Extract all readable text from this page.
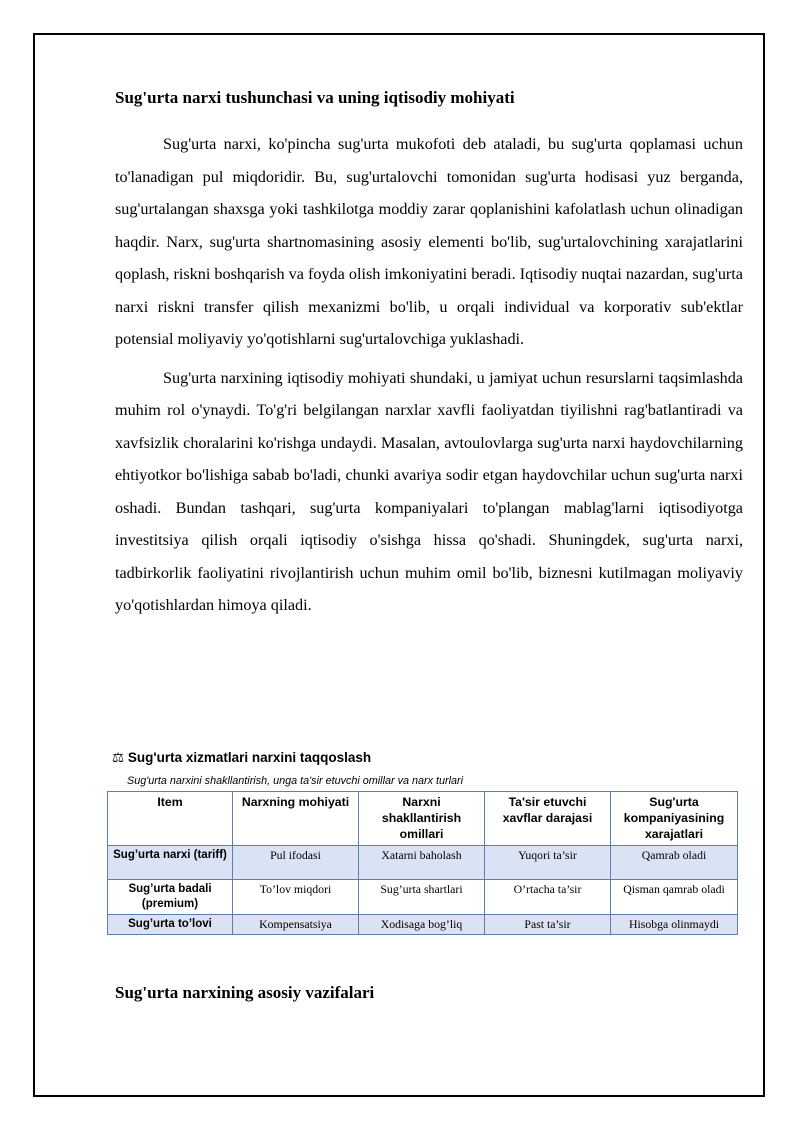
Sug'urta narxi tushunchasi va uning iqtisodiy mohiyati

Sug'urta narxi, ko'pincha sug'urta mukofoti deb ataladi, bu sug'urta qoplamasi uchun to'lanadigan pul miqdoridir. Bu, sug'urtalovchi tomonidan sug'urta hodisasi yuz berganda, sug'urtalangan shaxsga yoki tashkilotga moddiy zarar qoplanishini kafolatlash uchun olinadigan haqdir. Narx, sug'urta shartnomasining asosiy elementi bo'lib, sug'urtalovchining xarajatlarini qoplash, riskni boshqarish va foyda olish imkoniyatini beradi. Iqtisodiy nuqtai nazardan, sug'urta narxi riskni transfer qilish mexanizmi bo'lib, u orqali individual va korporativ sub'ektlar potensial moliyaviy yo'qotishlarni sug'urtalovchiga yuklashadi.

Sug'urta narxining iqtisodiy mohiyati shundaki, u jamiyat uchun resurslarni taqsimlashda muhim rol o'ynaydi. To'g'ri belgilangan narxlar xavfli faoliyatdan tiyilishni rag'batlantiradi va xavfsizlik choralarini ko'rishga undaydi. Masalan, avtoulovlarga sug'urta narxi haydovchilarning ehtiyotkor bo'lishiga sabab bo'ladi, chunki avariya sodir etgan haydovchilar uchun sug'urta narxi oshadi. Bundan tashqari, sug'urta kompaniyalari to'plangan mablag'larni iqtisodiyotga investitsiya qilish orqali iqtisodiy o'sishga hissa qo'shadi. Shuningdek, sug'urta narxi, tadbirkorlik faoliyatini rivojlantirish uchun muhim omil bo'lib, biznesni kutilmagan moliyaviy yo'qotishlardan himoya qiladi.

⚖ Sug'urta xizmatlari narxini taqqoslash
Sug'urta narxini shakllantirish, unga ta'sir etuvchi omillar va narx turlari
Item	Narxning mohiyati	Narxni shakllantirish omillari	Ta'sir etuvchi xavflar darajasi	Sug'urta kompaniyasining xarajatlari
Sug’urta narxi (tariff)	Pul ifodasi	Xatarni baholash	Yuqori ta’sir	Qamrab oladi
Sug’urta badali (premium)	To’lov miqdori	Sug’urta shartlari	O’rtacha ta’sir	Qisman qamrab oladi
Sug’urta to’lovi	Kompensatsiya	Xodisaga bog’liq	Past ta’sir	Hisobga olinmaydi
Sug'urta narxining asosiy vazifalari
